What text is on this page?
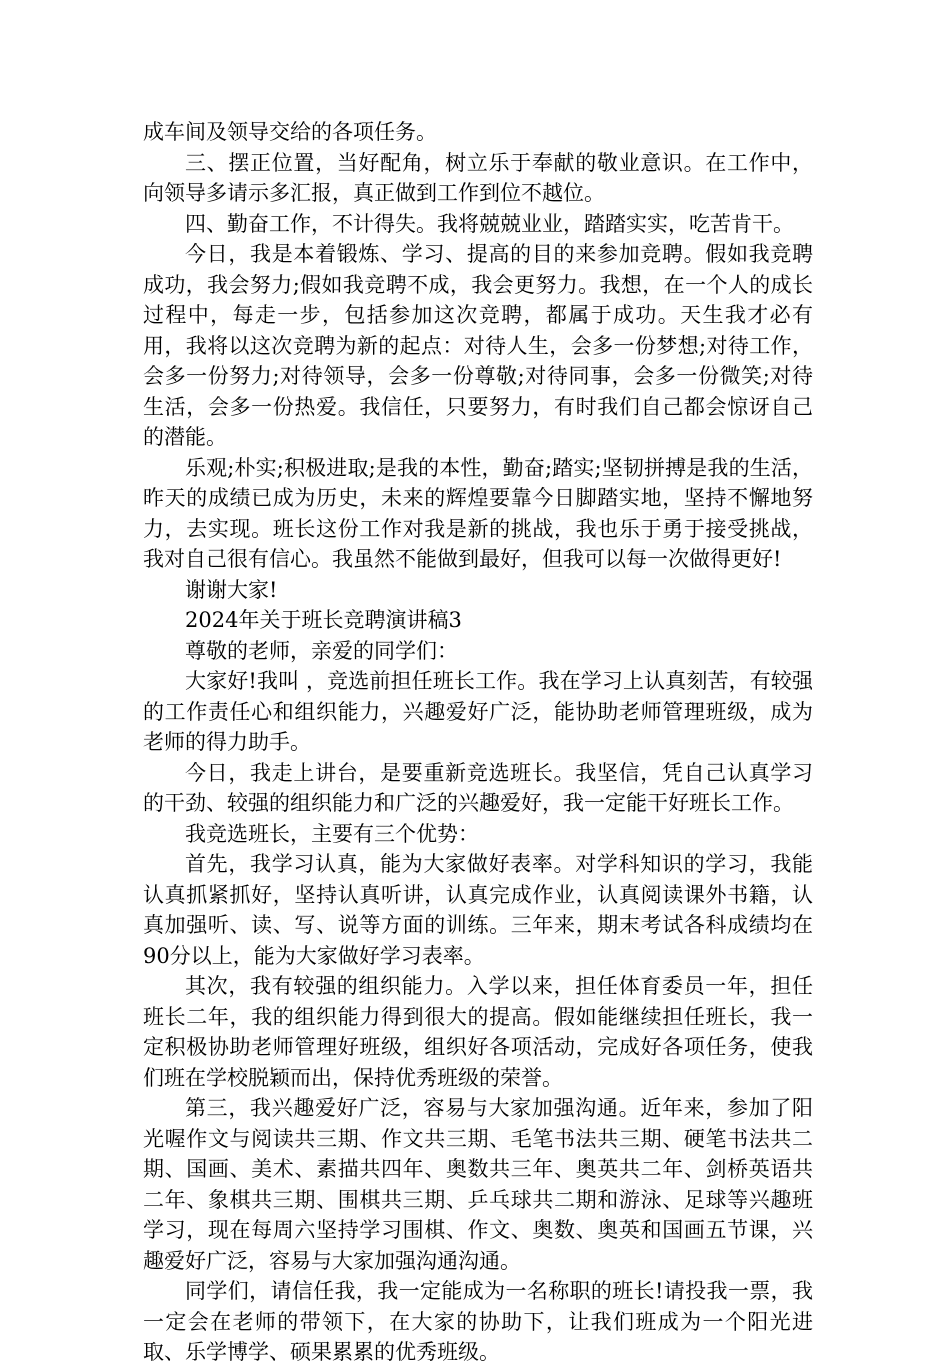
成车间及领导交给的各项任务。

三、摆正位置，当好配角，树立乐于奉献的敬业意识。在工作中，向领导多请示多汇报，真正做到工作到位不越位。

四、勤奋工作，不计得失。我将兢兢业业，踏踏实实，吃苦肯干。

今日，我是本着锻炼、学习、提高的目的来参加竞聘。假如我竞聘成功，我会努力;假如我竞聘不成，我会更努力。我想，在一个人的成长过程中，每走一步，包括参加这次竞聘，都属于成功。天生我才必有用，我将以这次竞聘为新的起点：对待人生，会多一份梦想;对待工作，会多一份努力;对待领导，会多一份尊敬;对待同事，会多一份微笑;对待生活，会多一份热爱。我信任，只要努力，有时我们自己都会惊讶自己的潜能。

乐观;朴实;积极进取;是我的本性，勤奋;踏实;坚韧拼搏是我的生活，昨天的成绩已成为历史，未来的辉煌要靠今日脚踏实地，坚持不懈地努力，去实现。班长这份工作对我是新的挑战，我也乐于勇于接受挑战，我对自己很有信心。我虽然不能做到最好，但我可以每一次做得更好!

谢谢大家!

2024年关于班长竞聘演讲稿3

尊敬的老师，亲爱的同学们：

大家好!我叫 ，竞选前担任班长工作。我在学习上认真刻苦，有较强的工作责任心和组织能力，兴趣爱好广泛，能协助老师管理班级，成为老师的得力助手。

今日，我走上讲台，是要重新竞选班长。我坚信，凭自己认真学习的干劲、较强的组织能力和广泛的兴趣爱好，我一定能干好班长工作。

我竞选班长，主要有三个优势：

首先，我学习认真，能为大家做好表率。对学科知识的学习，我能认真抓紧抓好，坚持认真听讲，认真完成作业，认真阅读课外书籍，认真加强听、读、写、说等方面的训练。三年来，期末考试各科成绩均在90分以上，能为大家做好学习表率。

其次，我有较强的组织能力。入学以来，担任体育委员一年，担任班长二年，我的组织能力得到很大的提高。假如能继续担任班长，我一定积极协助老师管理好班级，组织好各项活动，完成好各项任务，使我们班在学校脱颖而出，保持优秀班级的荣誉。

第三，我兴趣爱好广泛，容易与大家加强沟通。近年来，参加了阳光喔作文与阅读共三期、作文共三期、毛笔书法共三期、硬笔书法共二期、国画、美术、素描共四年、奥数共三年、奥英共二年、剑桥英语共二年、象棋共三期、围棋共三期、乒乓球共二期和游泳、足球等兴趣班学习，现在每周六坚持学习围棋、作文、奥数、奥英和国画五节课，兴趣爱好广泛，容易与大家加强沟通沟通。

同学们，请信任我，我一定能成为一名称职的班长!请投我一票，我一定会在老师的带领下，在大家的协助下，让我们班成为一个阳光进取、乐学博学、硕果累累的优秀班级。
